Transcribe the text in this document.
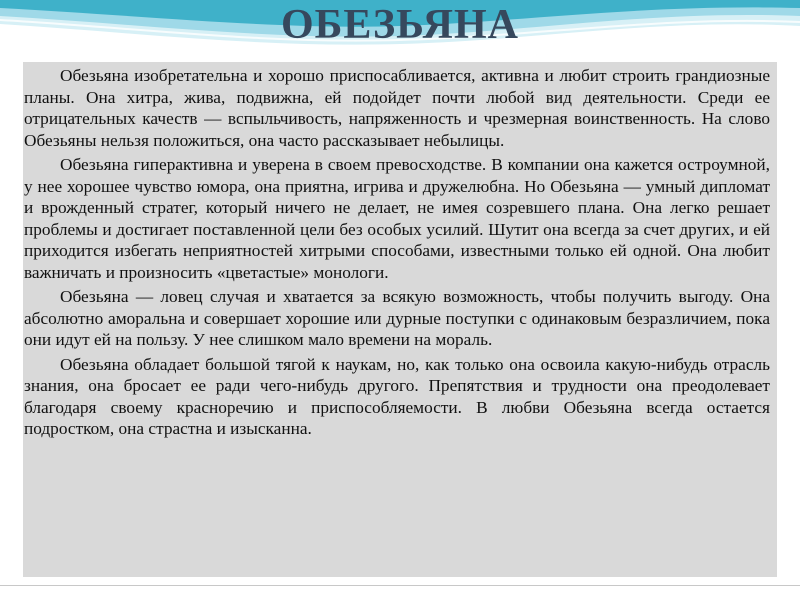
ОБЕЗЬЯНА

Обезьяна изобретательна и хорошо приспосабливается, активна и любит строить грандиозные планы. Она хитра, жива, подвижна, ей подойдет почти любой вид деятельности. Среди ее отрицательных качеств — вспыльчивость, напряженность и чрезмерная воинственность. На слово Обезьяны нельзя положиться, она часто рассказывает небылицы.

Обезьяна гиперактивна и уверена в своем превосходстве. В компании она кажется остроумной, у нее хорошее чувство юмора, она приятна, игрива и дружелюбна. Но Обезьяна — умный дипломат и врожденный стратег, который ничего не делает, не имея созревшего плана. Она легко решает проблемы и достигает поставленной цели без особых усилий. Шутит она всегда за счет других, и ей приходится избегать неприятностей хитрыми способами, известными только ей одной. Она любит важничать и произносить «цветастые» монологи.

Обезьяна — ловец случая и хватается за всякую возможность, чтобы получить выгоду. Она абсолютно аморальна и совершает хорошие или дурные поступки с одинаковым безразличием, пока они идут ей на пользу. У нее слишком мало времени на мораль.

Обезьяна обладает большой тягой к наукам, но, как только она освоила какую-нибудь отрасль знания, она бросает ее ради чего-нибудь другого. Препятствия и трудности она преодолевает благодаря своему красноречию и приспособляемости. В любви Обезьяна всегда остается подростком, она страстна и изысканна.
